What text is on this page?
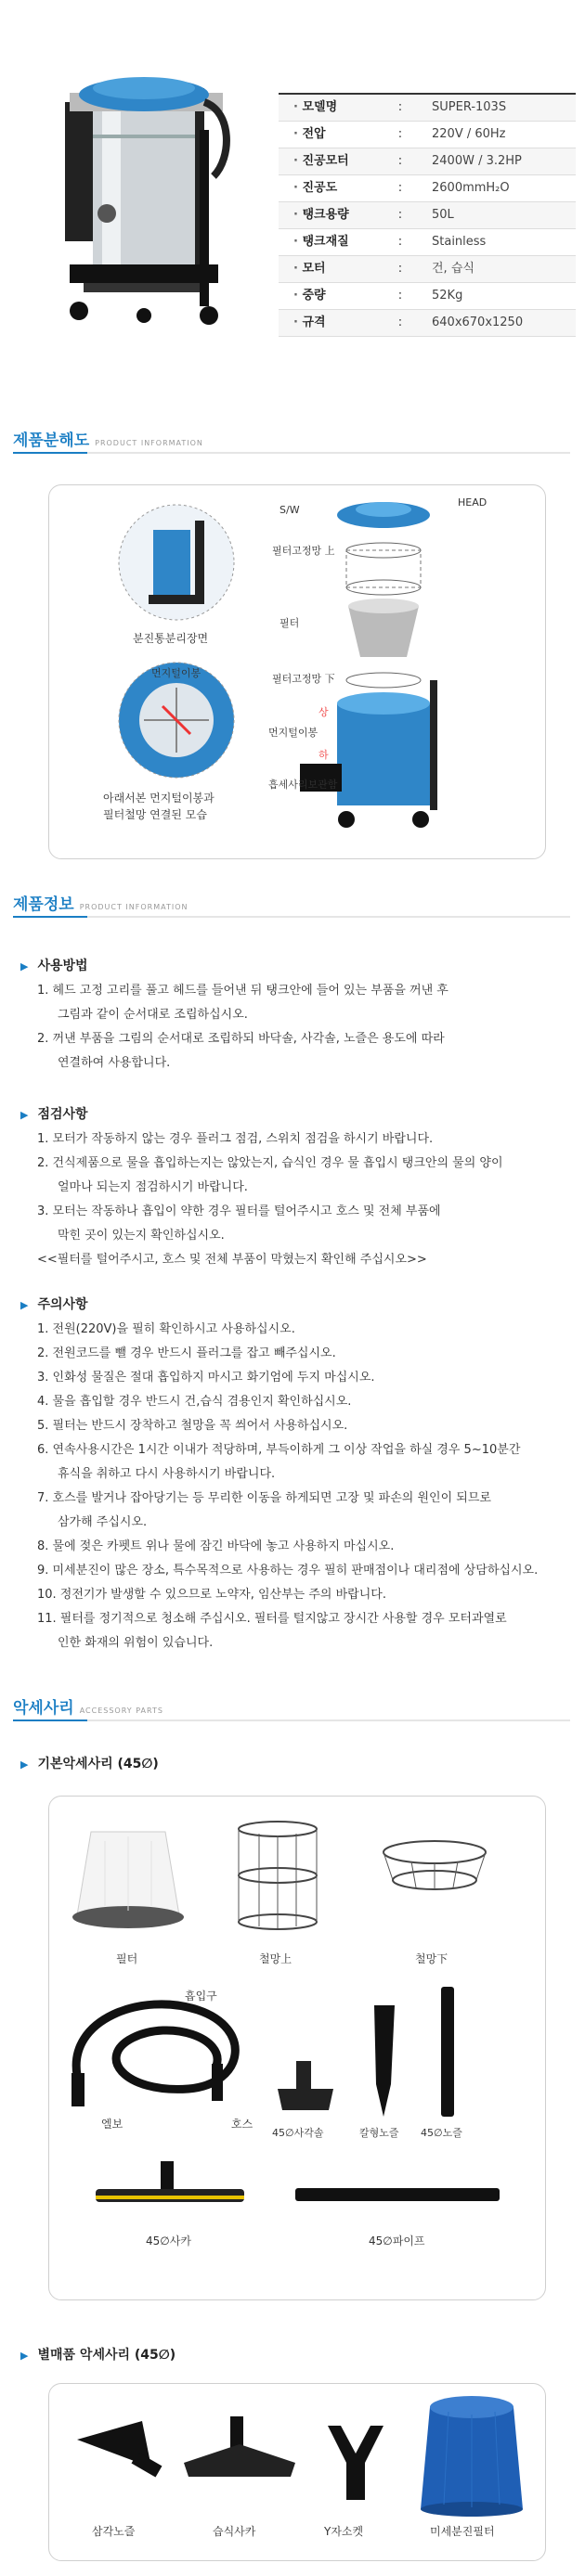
· 모델명	:	SUPER-103S
· 전압	:	220V / 60Hz
· 진공모터	:	2400W / 3.2HP
· 진공도	:	2600mmH₂O
· 탱크용량	:	50L
· 탱크재질	:	Stainless
· 모터	:	건, 습식
· 중량	:	52Kg
· 규격	:	640x670x1250
제품분해도 PRODUCT INFORMATION
분진통분리장면
먼지털이봉
아래서본 먼지털이봉과
필터철망 연결된 모습
S/W
HEAD
필터고정망 上
필터
필터고정망 下
상
먼지털이봉
하
흡세사리보관함
제품정보 PRODUCT INFORMATION
▶ 사용방법
1. 헤드 고정 고리를 풀고 헤드를 들어낸 뒤 탱크안에 들어 있는 부품을 꺼낸 후
그림과 같이 순서대로 조립하십시오.
2. 꺼낸 부품을 그림의 순서대로 조립하되 바닥솔, 사각솔, 노즐은 용도에 따라
연결하여 사용합니다.
▶ 점검사항
1. 모터가 작동하지 않는 경우 플러그 점검, 스위치 점검을 하시기 바랍니다.
2. 건식제품으로 물을 흡입하는지는 않았는지, 습식인 경우 물 흡입시 탱크안의 물의 양이
얼마나 되는지 점검하시기 바랍니다.
3. 모터는 작동하나 흡입이 약한 경우 필터를 털어주시고 호스 및 전체 부품에
막힌 곳이 있는지 확인하십시오.
<<필터를 털어주시고, 호스 및 전체 부품이 막혔는지 확인해 주십시오>>
▶ 주의사항
1. 전원(220V)을 필히 확인하시고 사용하십시오.
2. 전원코드를 뺄 경우 반드시 플러그를 잡고 빼주십시오.
3. 인화성 물질은 절대 흡입하지 마시고 화기엄에 두지 마십시오.
4. 물을 흡입할 경우 반드시 건,습식 겸용인지 확인하십시오.
5. 필터는 반드시 장착하고 철망을 꼭 씌어서 사용하십시오.
6. 연속사용시간은 1시간 이내가 적당하며, 부득이하게 그 이상 작업을 하실 경우 5~10분간
휴식을 취하고 다시 사용하시기 바랍니다.
7. 호스를 발거나 잡아당기는 등 무리한 이동을 하게되면 고장 및 파손의 원인이 되므로
삼가해 주십시오.
8. 물에 젖은 카펫트 위나 물에 잠긴 바닥에 놓고 사용하지 마십시오.
9. 미세분진이 많은 장소, 특수목적으로 사용하는 경우 필히 판매점이나 대리점에 상담하십시오.
10. 정전기가 발생할 수 있으므로 노약자, 임산부는 주의 바랍니다.
11. 필터를 정기적으로 청소해 주십시오. 필터를 털지않고 장시간 사용할 경우 모터과열로
인한 화재의 위험이 있습니다.
악세사리 ACCESSORY PARTS
▶ 기본악세사리 (45∅)
필터	철망上	철망下
흡입구
엘보	호스
45∅사각솔	칼형노즐 45∅노즐
45∅사카	45∅파이프
▶ 별매품 악세사리 (45∅)
삼각노즐	습식사카	Y자소켓	미세분진필터
